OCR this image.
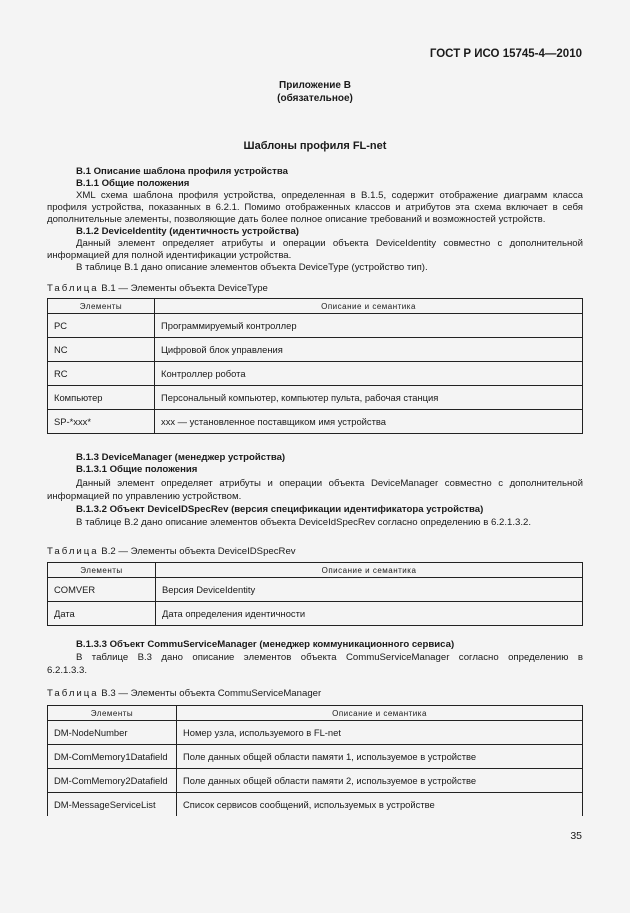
ГОСТ Р ИСО 15745-4—2010
Приложение B
(обязательное)
Шаблоны профиля FL-net
B.1 Описание шаблона профиля устройства
B.1.1 Общие положения
XML схема шаблона профиля устройства, определенная в B.1.5, содержит отображение диаграмм класса
профиля устройства, показанных в 6.2.1. Помимо отображенных классов и атрибутов эта схема включает в себя
дополнительные элементы, позволяющие дать более полное описание требований и возможностей устройств.
B.1.2 DeviceIdentity (идентичность устройства)
Данный элемент определяет атрибуты и операции объекта DeviceIdentity совместно с дополнительной
информацией для полной идентификации устройства.
В таблице B.1 дано описание элементов объекта DeviceType (устройство тип).
Таблица B.1 — Элементы объекта DeviceType
Элементы	Описание и семантика
PC	Программируемый контроллер
NC	Цифровой блок управления
RC	Контроллер робота
Компьютер	Персональный компьютер, компьютер пульта, рабочая станция
SP-*xxx*	ххх — установленное поставщиком имя устройства
B.1.3 DeviceManager (менеджер устройства)
B.1.3.1 Общие положения
Данный элемент определяет атрибуты и операции объекта DeviceManager совместно с дополнительной
информацией по управлению устройством.
B.1.3.2 Объект DeviceIDSpecRev (версия спецификации идентификатора устройства)
В таблице B.2 дано описание элементов объекта DeviceIdSpecRev согласно определению в 6.2.1.3.2.
Таблица B.2 — Элементы объекта DeviceIDSpecRev
Элементы	Описание и семантика
COMVER	Версия DeviceIdentity
Дата	Дата определения идентичности
B.1.3.3 Объект CommuServiceManager (менеджер коммуникационного сервиса)
В таблице B.3 дано описание элементов объекта CommuServiceManager согласно определению в
6.2.1.3.3.
Таблица B.3 — Элементы объекта CommuServiceManager
Элементы	Описание и семантика
DM-NodeNumber	Номер узла, используемого в FL-net
DM-ComMemory1Datafield	Поле данных общей области памяти 1, используемое в устройстве
DM-ComMemory2Datafield	Поле данных общей области памяти 2, используемое в устройстве
DM-MessageServiceList	Список сервисов сообщений, используемых в устройстве
35
